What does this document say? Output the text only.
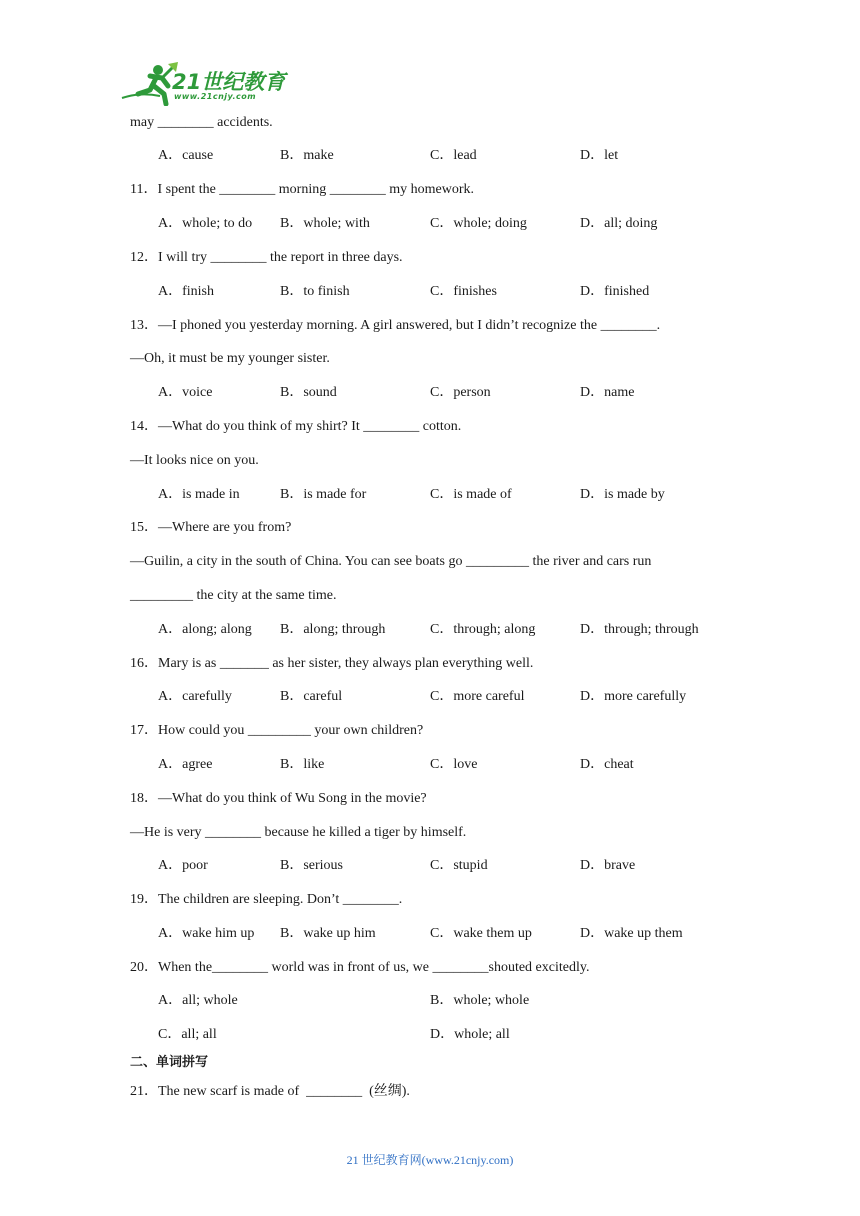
21世纪教育
www.21cnjy.com
may ________ accidents.
A．cause	B．make	C．lead	D．let
11．I spent the ________ morning ________ my homework.
A．whole; to do B．whole; with	C．whole; doing	D．all; doing
12．I will try ________ the report in three days.
A．finish	B．to finish	C．finishes	D．finished
13．—I phoned you yesterday morning. A girl answered, but I didn’t recognize the ________.
—Oh, it must be my younger sister.
A．voice	B．sound	C．person	D．name
14．—What do you think of my shirt? It ________ cotton.
—It looks nice on you.
A．is made in	B．is made for	C．is made of	D．is made by
15．—Where are you from?
—Guilin, a city in the south of China. You can see boats go _________ the river and cars run
_________ the city at the same time.
A．along; along B．along; through	C．through; along	D．through; through
16．Mary is as _______ as her sister, they always plan everything well.
A．carefully	B．careful	C．more careful	D．more carefully
17．How could you _________ your own children?
A．agree	B．like	C．love	D．cheat
18．—What do you think of Wu Song in the movie?
—He is very ________ because he killed a tiger by himself.
A．poor	B．serious	C．stupid	D．brave
19．The children are sleeping. Don’t ________.
A．wake him up B．wake up him	C．wake them up	D．wake up them
20．When the________ world was in front of us, we ________shouted excitedly.
A．all; whole	B．whole; whole
C．all; all	D．whole; all
二、单词拼写
21．The new scarf is made of  ________  (丝绸).
21 世纪教育网(www.21cnjy.com)
